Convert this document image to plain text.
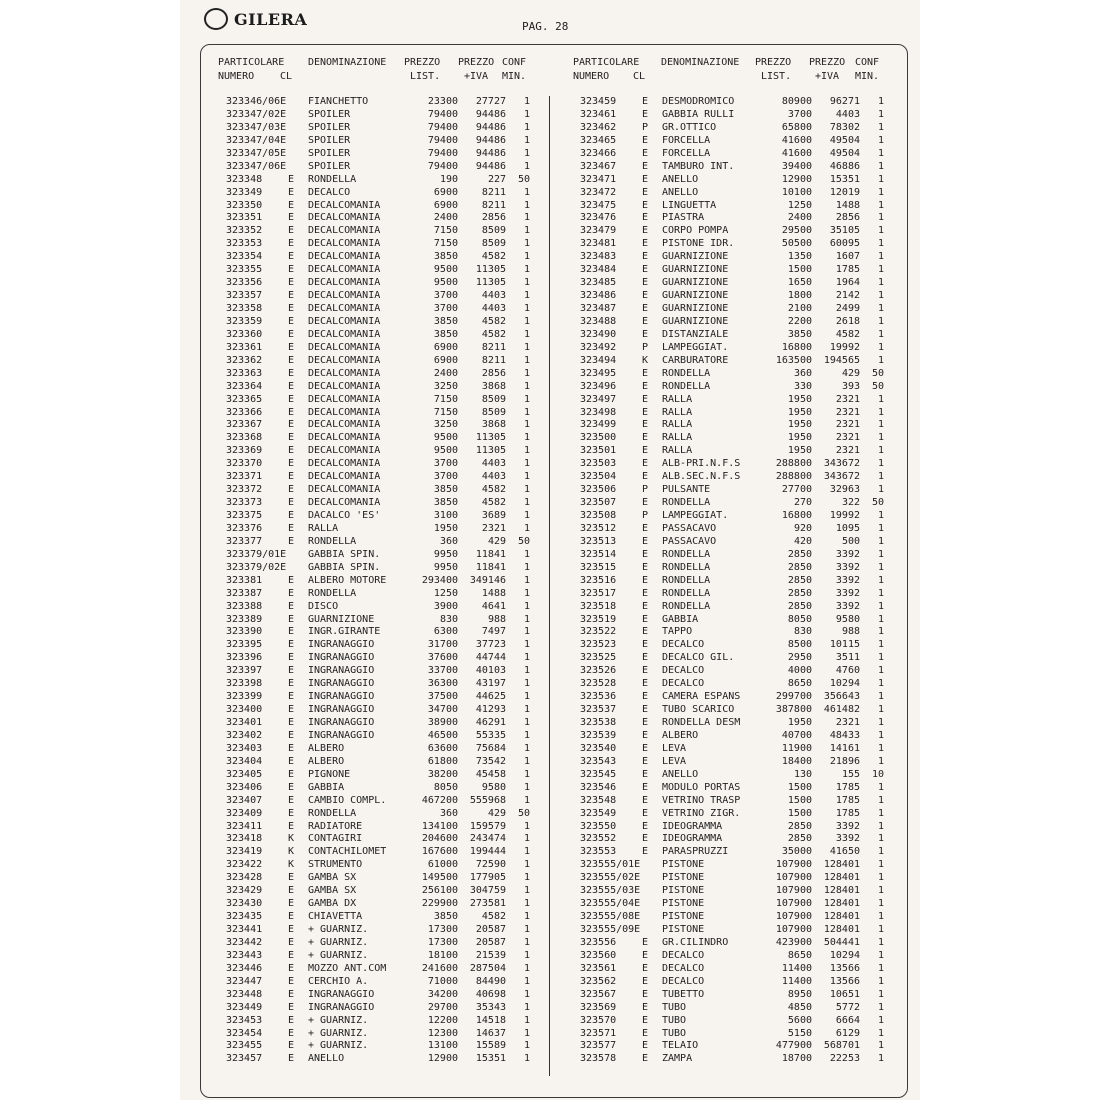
GILERA	PAG. 28
PARTICOLARE DENOMINAZIONE PREZZO PREZZO CONF
NUMERO	CL	LIST. +IVA MIN.
PARTICOLARE DENOMINAZIONE PREZZO PREZZO CONF
NUMERO CL	LIST. +IVA MIN.
323346/06E FIANCHETTO	23300 27727 1
323347/02E SPOILER	79400 94486 1
323347/03E SPOILER	79400 94486 1
323347/04E SPOILER	79400 94486 1
323347/05E SPOILER	79400 94486 1
323347/06E SPOILER	79400 94486 1
323348	E RONDELLA	190	227 50
323349	E DECALCO	6900 8211 1
323350	E DECALCOMANIA	6900 8211 1
323351	E DECALCOMANIA	2400 2856 1
323352	E DECALCOMANIA	7150 8509 1
323353	E DECALCOMANIA	7150 8509 1
323354	E DECALCOMANIA	3850 4582 1
323355	E DECALCOMANIA	9500 11305 1
323356	E DECALCOMANIA	9500 11305 1
323357	E DECALCOMANIA	3700 4403 1
323358	E DECALCOMANIA	3700 4403 1
323359	E DECALCOMANIA	3850 4582 1
323360	E DECALCOMANIA	3850 4582 1
323361	E DECALCOMANIA	6900 8211 1
323362	E DECALCOMANIA	6900 8211 1
323363	E DECALCOMANIA	2400 2856 1
323364	E DECALCOMANIA	3250 3868 1
323365	E DECALCOMANIA	7150 8509 1
323366	E DECALCOMANIA	7150 8509 1
323367	E DECALCOMANIA	3250 3868 1
323368	E DECALCOMANIA	9500 11305 1
323369	E DECALCOMANIA	9500 11305 1
323370	E DECALCOMANIA	3700 4403 1
323371	E DECALCOMANIA	3700 4403 1
323372	E DECALCOMANIA	3850 4582 1
323373	E DECALCOMANIA	3850 4582 1
323375	E DACALCO 'ES'	3100 3689 1
323376	E RALLA	1950 2321 1
323377	E RONDELLA	360	429 50
323379/01E GABBIA SPIN.	9950 11841 1
323379/02E GABBIA SPIN.	9950 11841 1
323381	E ALBERO MOTORE	293400 349146 1
323387	E RONDELLA	1250 1488 1
323388	E DISCO	3900 4641 1
323389	E GUARNIZIONE	830	988 1
323390	E INGR.GIRANTE	6300 7497 1
323395	E INGRANAGGIO	31700 37723 1
323396	E INGRANAGGIO	37600 44744 1
323397	E INGRANAGGIO	33700 40103 1
323398	E INGRANAGGIO	36300 43197 1
323399	E INGRANAGGIO	37500 44625 1
323400	E INGRANAGGIO	34700 41293 1
323401	E INGRANAGGIO	38900 46291 1
323402	E INGRANAGGIO	46500 55335 1
323403	E ALBERO	63600 75684 1
323404	E ALBERO	61800 73542 1
323405	E PIGNONE	38200 45458 1
323406	E GABBIA	8050 9580 1
323407	E CAMBIO COMPL.	467200 555968 1
323409	E RONDELLA	360	429 50
323411	E RADIATORE	134100 159579 1
323418	K CONTAGIRI	204600 243474 1
323419	K CONTACHILOMET	167600 199444 1
323422	K STRUMENTO	61000 72590 1
323428	E GAMBA SX	149500 177905 1
323429	E GAMBA SX	256100 304759 1
323430	E GAMBA DX	229900 273581 1
323435	E CHIAVETTA	3850 4582 1
323441	E + GUARNIZ.	17300 20587 1
323442	E + GUARNIZ.	17300 20587 1
323443	E + GUARNIZ.	18100 21539 1
323446	E MOZZO ANT.COM	241600 287504 1
323447	E CERCHIO A.	71000 84490 1
323448	E INGRANAGGIO	34200 40698 1
323449	E INGRANAGGIO	29700 35343 1
323453	E + GUARNIZ.	12200 14518 1
323454	E + GUARNIZ.	12300 14637 1
323455	E + GUARNIZ.	13100 15589 1
323457	E ANELLO	12900 15351 1
323459	E DESMODROMICO	80900 96271 1
323461	E GABBIA RULLI	3700 4403 1
323462	P GR.OTTICO	65800 78302 1
323465	E FORCELLA	41600 49504 1
323466	E FORCELLA	41600 49504 1
323467	E TAMBURO INT.	39400 46886 1
323471	E ANELLO	12900 15351 1
323472	E ANELLO	10100 12019 1
323475	E LINGUETTA	1250 1488 1
323476	E PIASTRA	2400 2856 1
323479	E CORPO POMPA	29500 35105 1
323481	E PISTONE IDR.	50500 60095 1
323483	E GUARNIZIONE	1350 1607 1
323484	E GUARNIZIONE	1500 1785 1
323485	E GUARNIZIONE	1650 1964 1
323486	E GUARNIZIONE	1800 2142 1
323487	E GUARNIZIONE	2100 2499 1
323488	E GUARNIZIONE	2200 2618 1
323490	E DISTANZIALE	3850 4582 1
323492	P LAMPEGGIAT.	16800 19992 1
323494	K CARBURATORE	163500 194565 1
323495	E RONDELLA	360	429 50
323496	E RONDELLA	330	393 50
323497	E RALLA	1950 2321 1
323498	E RALLA	1950 2321 1
323499	E RALLA	1950 2321 1
323500	E RALLA	1950 2321 1
323501	E RALLA	1950 2321 1
323503	E ALB-PRI.N.F.S	288800 343672 1
323504	E ALB.SEC.N.F.S	288800 343672 1
323506	P PULSANTE	27700 32963 1
323507	E RONDELLA	270	322 50
323508	P LAMPEGGIAT.	16800 19992 1
323512	E PASSACAVO	920 1095 1
323513	E PASSACAVO	420	500 1
323514	E RONDELLA	2850 3392 1
323515	E RONDELLA	2850 3392 1
323516	E RONDELLA	2850 3392 1
323517	E RONDELLA	2850 3392 1
323518	E RONDELLA	2850 3392 1
323519	E GABBIA	8050 9580 1
323522	E TAPPO	830	988 1
323523	E DECALCO	8500 10115 1
323525	E DECALCO GIL.	2950 3511 1
323526	E DECALCO	4000 4760 1
323528	E DECALCO	8650 10294 1
323536	E CAMERA ESPANS	299700 356643 1
323537	E TUBO SCARICO	387800 461482 1
323538	E RONDELLA DESM	1950 2321 1
323539	E ALBERO	40700 48433 1
323540	E LEVA	11900 14161 1
323543	E LEVA	18400 21896 1
323545	E ANELLO	130	155 10
323546	E MODULO PORTAS	1500 1785 1
323548	E VETRINO TRASP	1500 1785 1
323549	E VETRINO ZIGR.	1500 1785 1
323550	E IDEOGRAMMA	2850 3392 1
323552	E IDEOGRAMMA	2850 3392 1
323553	E PARASPRUZZI	35000 41650 1
323555/01E PISTONE	107900 128401 1
323555/02E PISTONE	107900 128401 1
323555/03E PISTONE	107900 128401 1
323555/04E PISTONE	107900 128401 1
323555/08E PISTONE	107900 128401 1
323555/09E PISTONE	107900 128401 1
323556	E GR.CILINDRO	423900 504441 1
323560	E DECALCO	8650 10294 1
323561	E DECALCO	11400 13566 1
323562	E DECALCO	11400 13566 1
323567	E TUBETTO	8950 10651 1
323569	E TUBO	4850 5772 1
323570	E TUBO	5600 6664 1
323571	E TUBO	5150 6129 1
323577	E TELAIO	477900 568701 1
323578	E ZAMPA	18700 22253 1
